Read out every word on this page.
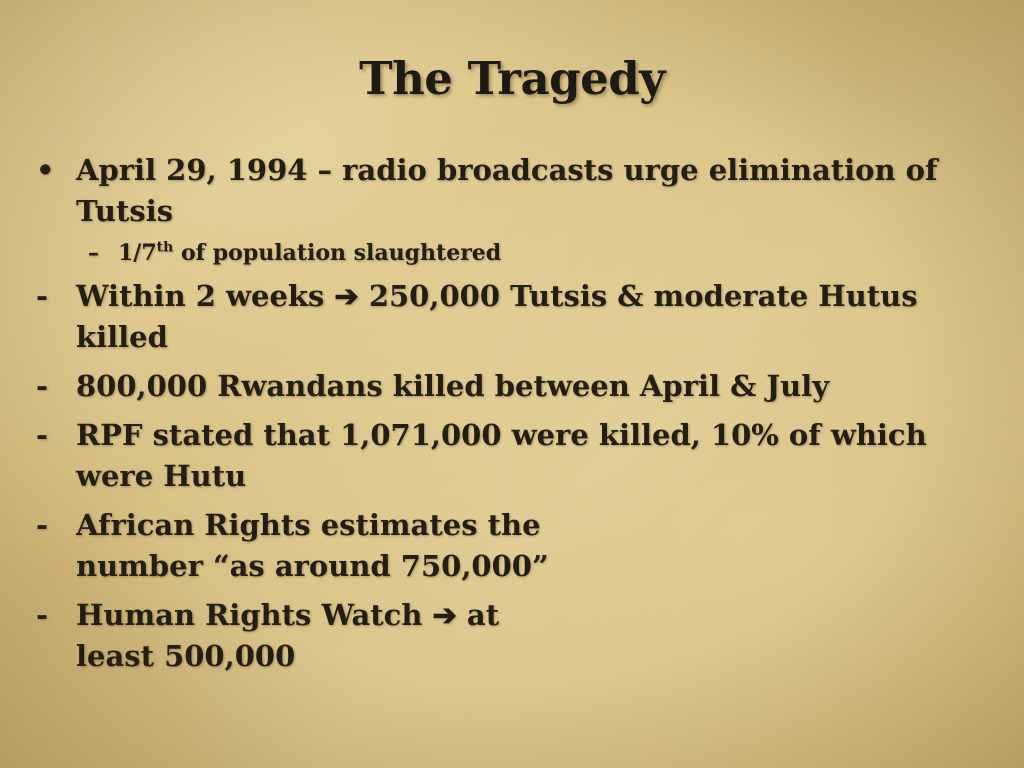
The Tragedy
• April 29, 1994 – radio broadcasts urge elimination of Tutsis
– 1/7th of population slaughtered
- Within 2 weeks ➔ 250,000 Tutsis & moderate Hutus killed
- 800,000 Rwandans killed between April & July
- RPF stated that 1,071,000 were killed, 10% of which were Hutu
- African Rights estimates the number “as around 750,000”
- Human Rights Watch ➔ at least 500,000
